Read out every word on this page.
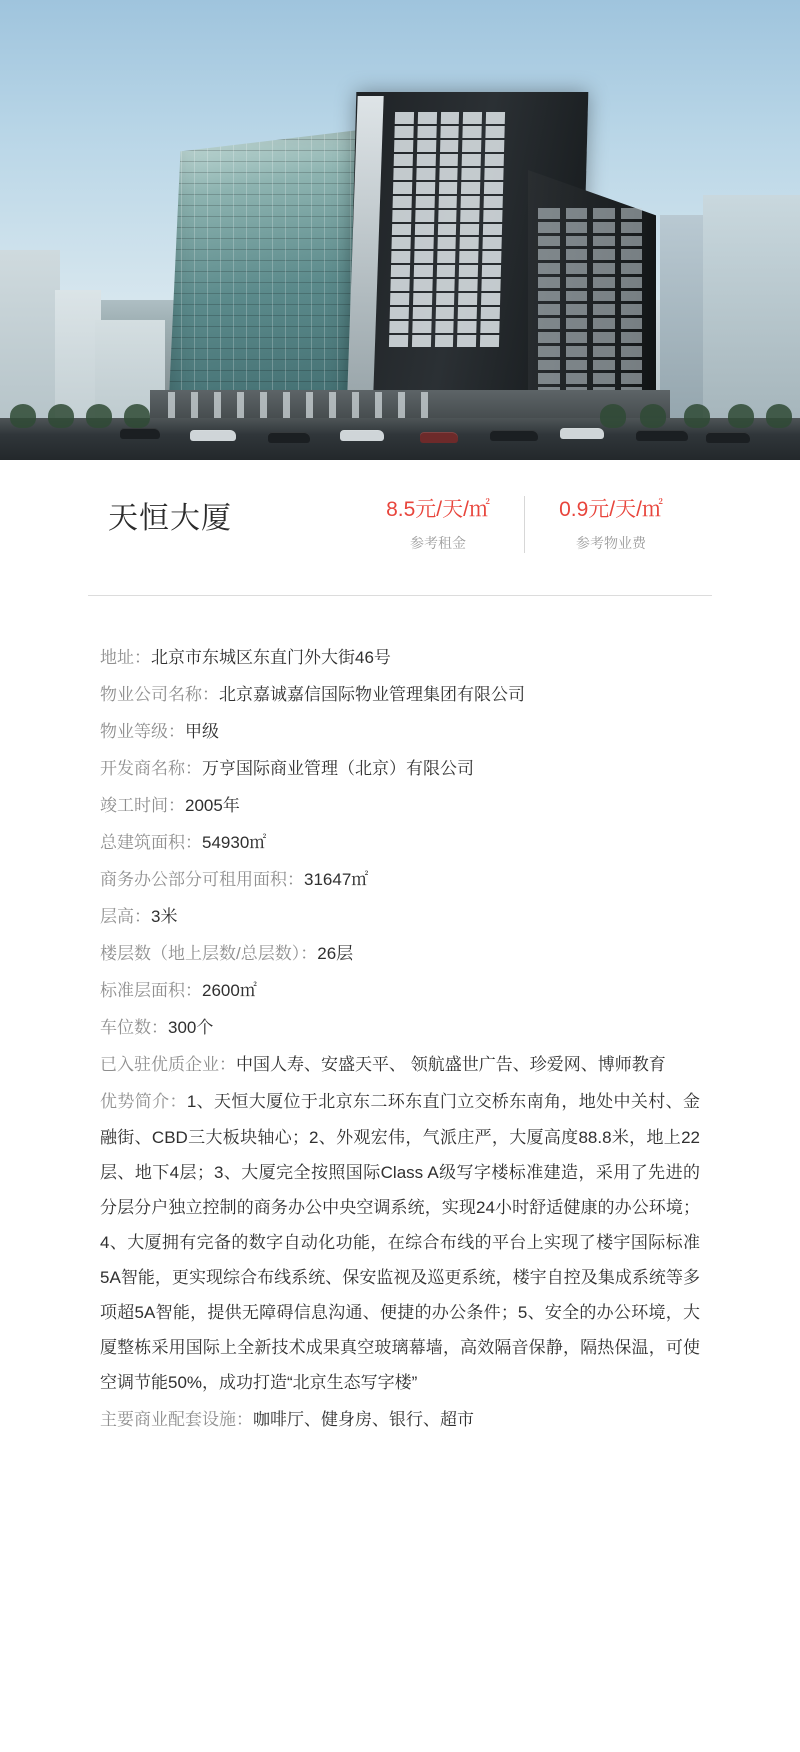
天恒大厦	8.5元/天/㎡
参考租金
0.9元/天/㎡
参考物业费
地址：北京市东城区东直门外大街46号
物业公司名称：北京嘉诚嘉信国际物业管理集团有限公司
物业等级：甲级
开发商名称：万亨国际商业管理（北京）有限公司
竣工时间：2005年
总建筑面积：54930㎡
商务办公部分可租用面积：31647㎡
层高：3米
楼层数（地上层数/总层数）：26层
标准层面积：2600㎡
车位数：300个
已入驻优质企业：中国人寿、安盛天平、 领航盛世广告、珍爱网、博师教育
优势简介：1、天恒大厦位于北京东二环东直门立交桥东南角，地处中关村、金融街、CBD三大板块轴心；2、外观宏伟，气派庄严，大厦高度88.8米，地上22层、地下4层；3、大厦完全按照国际Class A级写字楼标准建造，采用了先进的分层分户独立控制的商务办公中央空调系统，实现24小时舒适健康的办公环境；4、大厦拥有完备的数字自动化功能，在综合布线的平台上实现了楼宇国际标准5A智能，更实现综合布线系统、保安监视及巡更系统，楼宇自控及集成系统等多项超5A智能，提供无障碍信息沟通、便捷的办公条件；5、安全的办公环境，大厦整栋采用国际上全新技术成果真空玻璃幕墙，高效隔音保静，隔热保温，可使空调节能50%，成功打造“北京生态写字楼”
主要商业配套设施：咖啡厅、健身房、银行、超市
